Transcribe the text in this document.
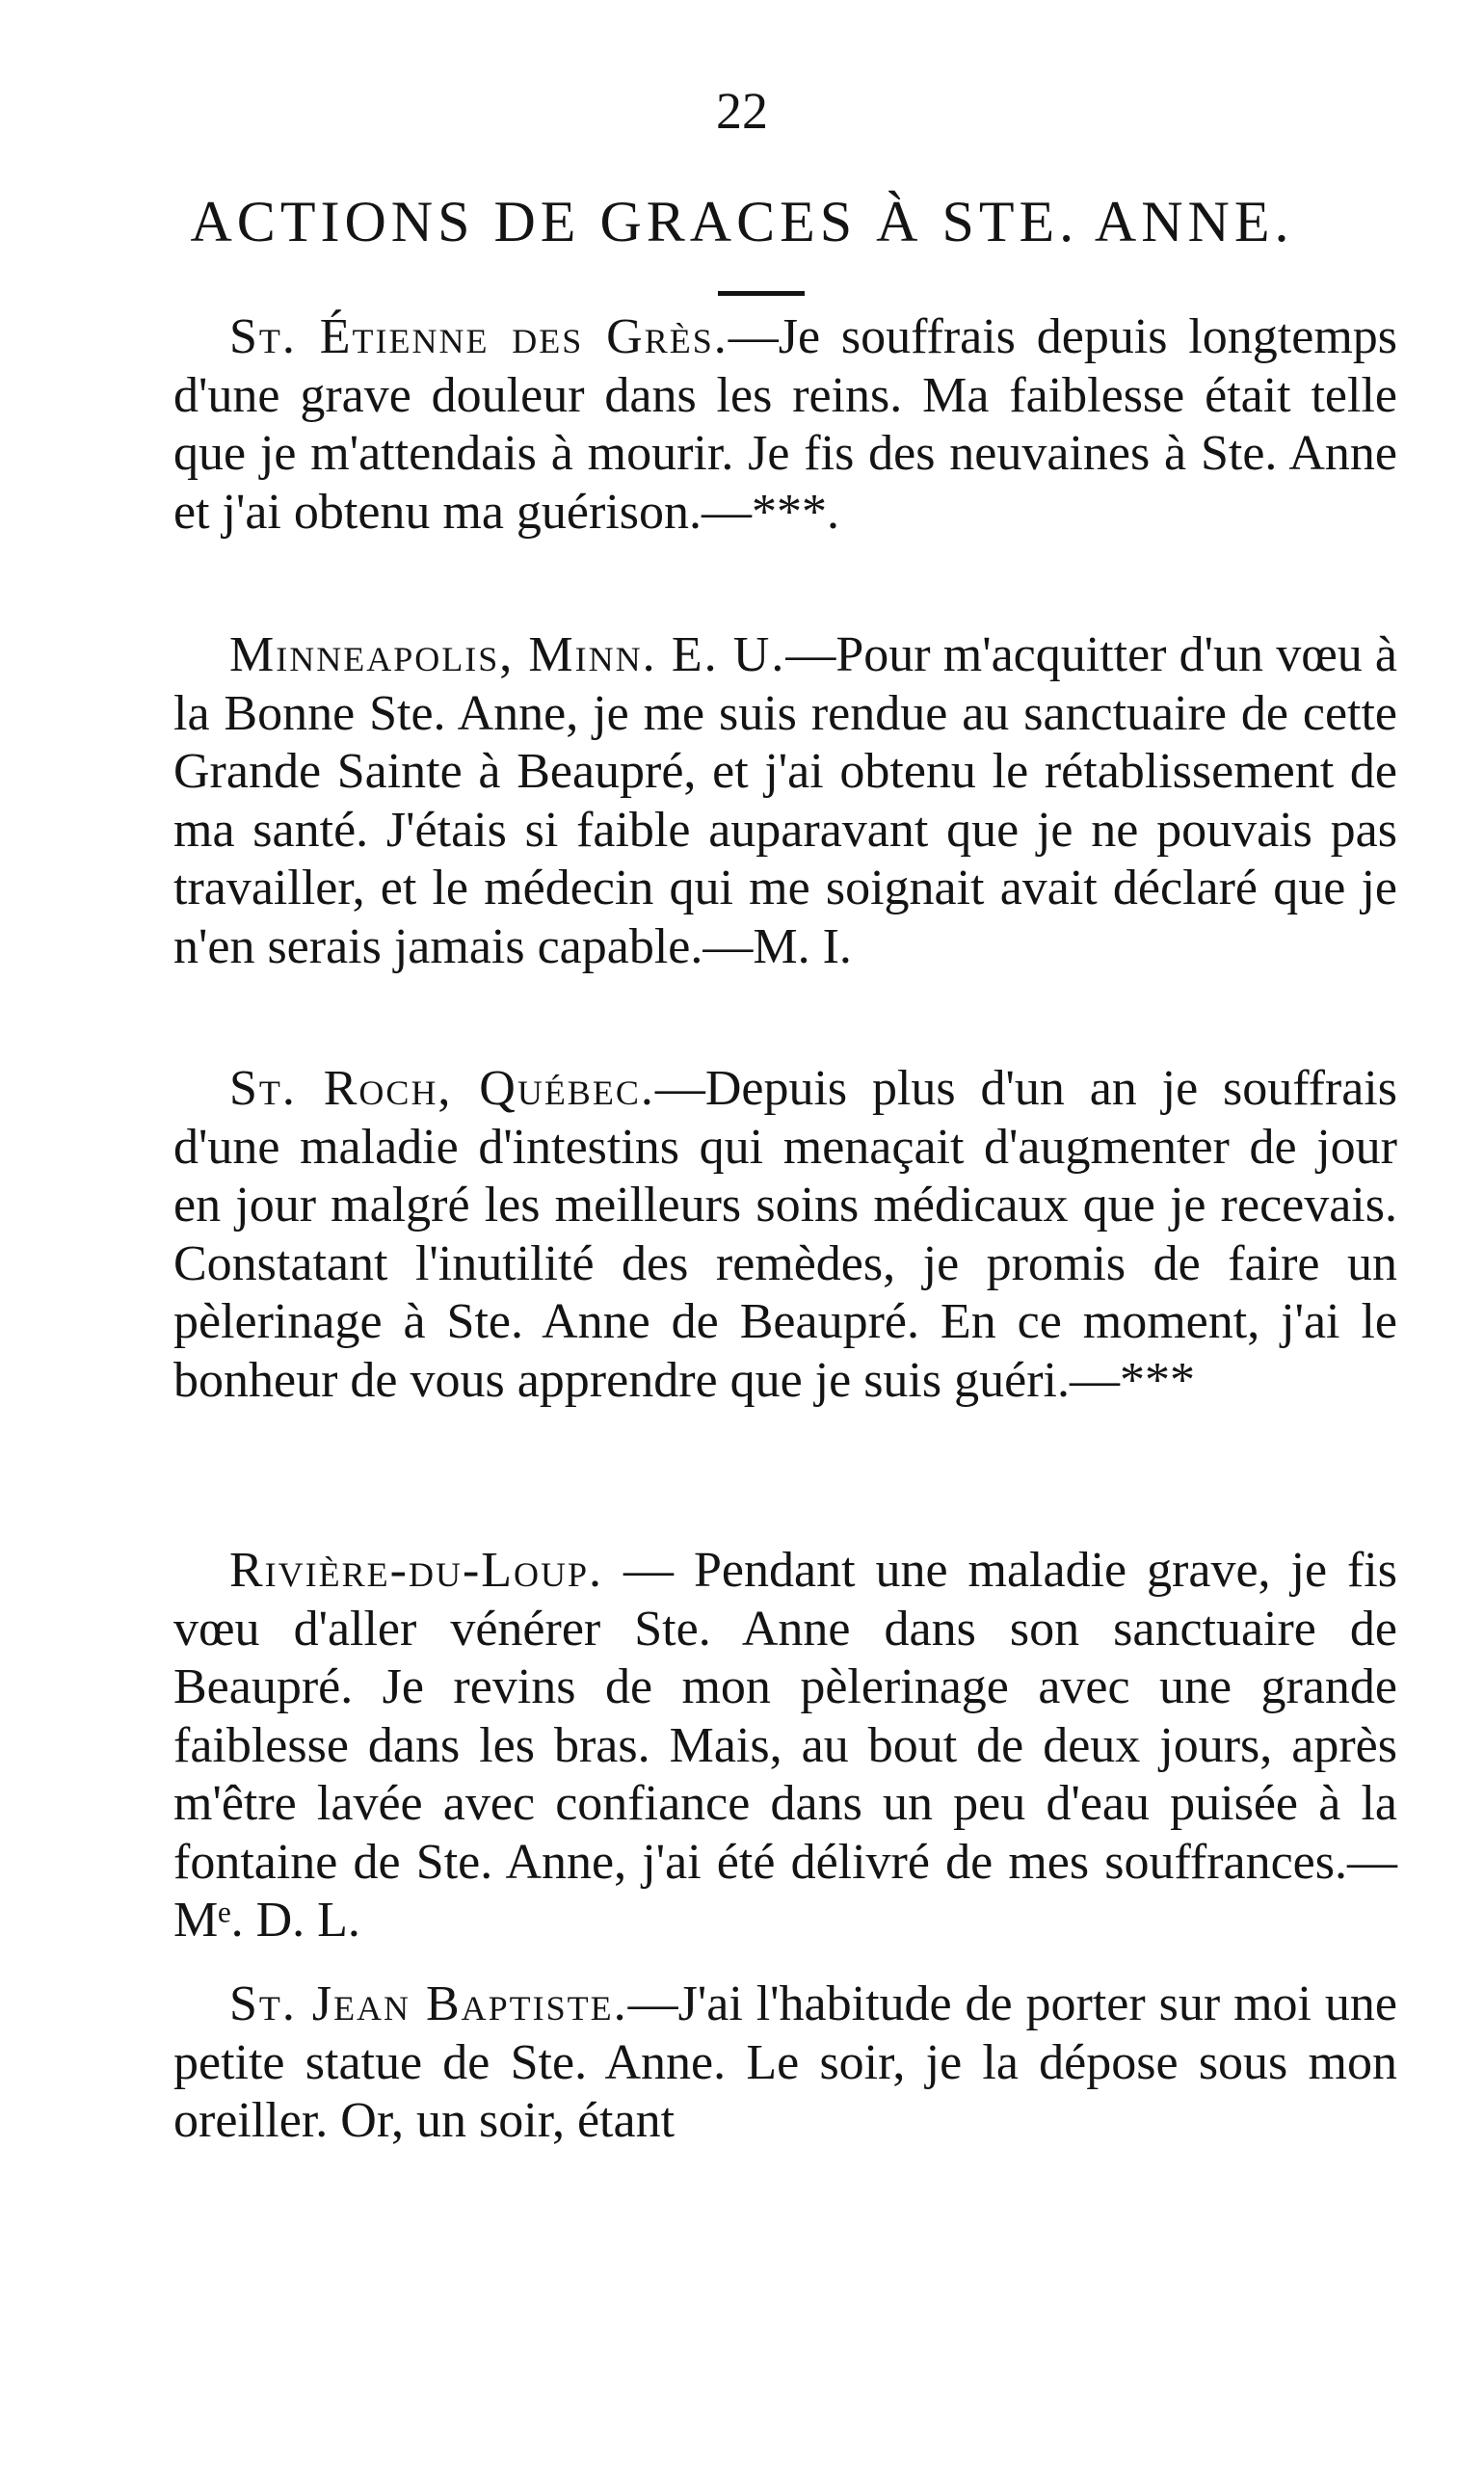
22
ACTIONS DE GRACES À STE. ANNE.

St. Étienne des Grès.—Je souffrais depuis longtemps d'une grave douleur dans les reins. Ma faiblesse était telle que je m'attendais à mourir. Je fis des neuvaines à Ste. Anne et j'ai obtenu ma guérison.—***.

Minneapolis, Minn. E. U.—Pour m'acquitter d'un vœu à la Bonne Ste. Anne, je me suis rendue au sanctuaire de cette Grande Sainte à Beaupré, et j'ai obtenu le rétablissement de ma santé. J'étais si faible auparavant que je ne pouvais pas travailler, et le médecin qui me soignait avait déclaré que je n'en serais jamais capable.—M. I.

St. Roch, Québec.—Depuis plus d'un an je souffrais d'une maladie d'intestins qui menaçait d'augmenter de jour en jour malgré les meilleurs soins médicaux que je recevais. Constatant l'inutilité des remèdes, je promis de faire un pèlerinage à Ste. Anne de Beaupré. En ce moment, j'ai le bonheur de vous apprendre que je suis guéri.—***

Rivière-du-Loup. — Pendant une maladie grave, je fis vœu d'aller vénérer Ste. Anne dans son sanctuaire de Beaupré. Je revins de mon pèlerinage avec une grande faiblesse dans les bras. Mais, au bout de deux jours, après m'être lavée avec confiance dans un peu d'eau puisée à la fontaine de Ste. Anne, j'ai été délivré de mes souffrances.—Mᵉ. D. L.

St. Jean Baptiste.—J'ai l'habitude de porter sur moi une petite statue de Ste. Anne. Le soir, je la dépose sous mon oreiller. Or, un soir, étant
